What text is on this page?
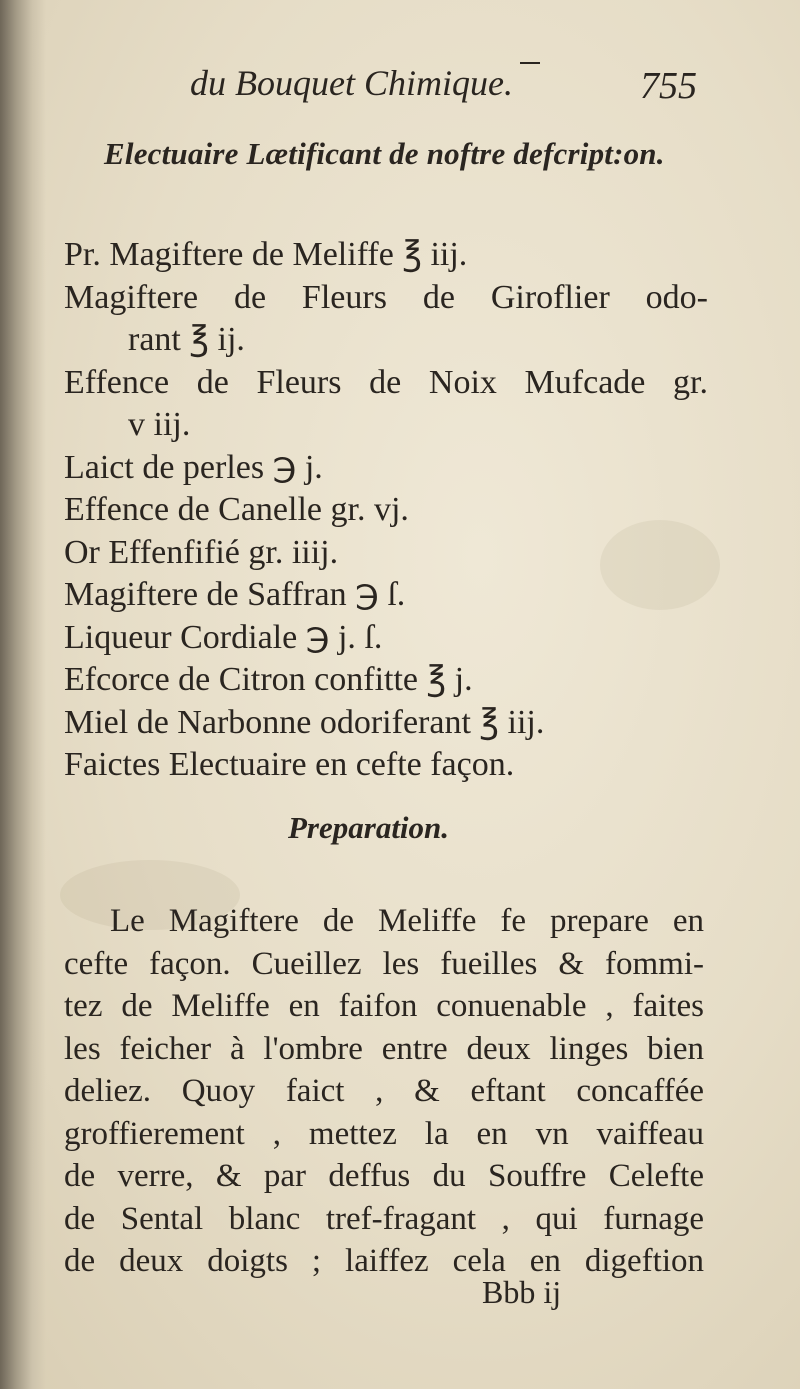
du Bouquet Chimique.	755
Electuaire Lætificant de noftre defcript:on.
Pr. Magiftere de Meliffe ℥ iij.
Magiftere de Fleurs de Giroflier odo-
rant ℥ ij.
Effence de Fleurs de Noix Mufcade gr.
v iij.
Laict de perles ℈ j.
Effence de Canelle gr. vj.
Or Effenfifié gr. iiij.
Magiftere de Saffran ℈ ſ.
Liqueur Cordiale ℈ j. ſ.
Efcorce de Citron confitte ℥ j.
Miel de Narbonne odoriferant ℥ iij.
Faictes Electuaire en cefte façon.
Preparation.
Le Magiftere de Meliffe fe prepare en
cefte façon. Cueillez les fueilles & fommi-
tez de Meliffe en faifon conuenable , faites
les feicher à l'ombre entre deux linges bien
deliez. Quoy faict , & eftant concaffée
groffierement , mettez la en vn vaiffeau
de verre, & par deffus du Souffre Celefte
de Sental blanc tref-fragant , qui furnage
de deux doigts ; laiffez cela en digeftion
Bbb ij
